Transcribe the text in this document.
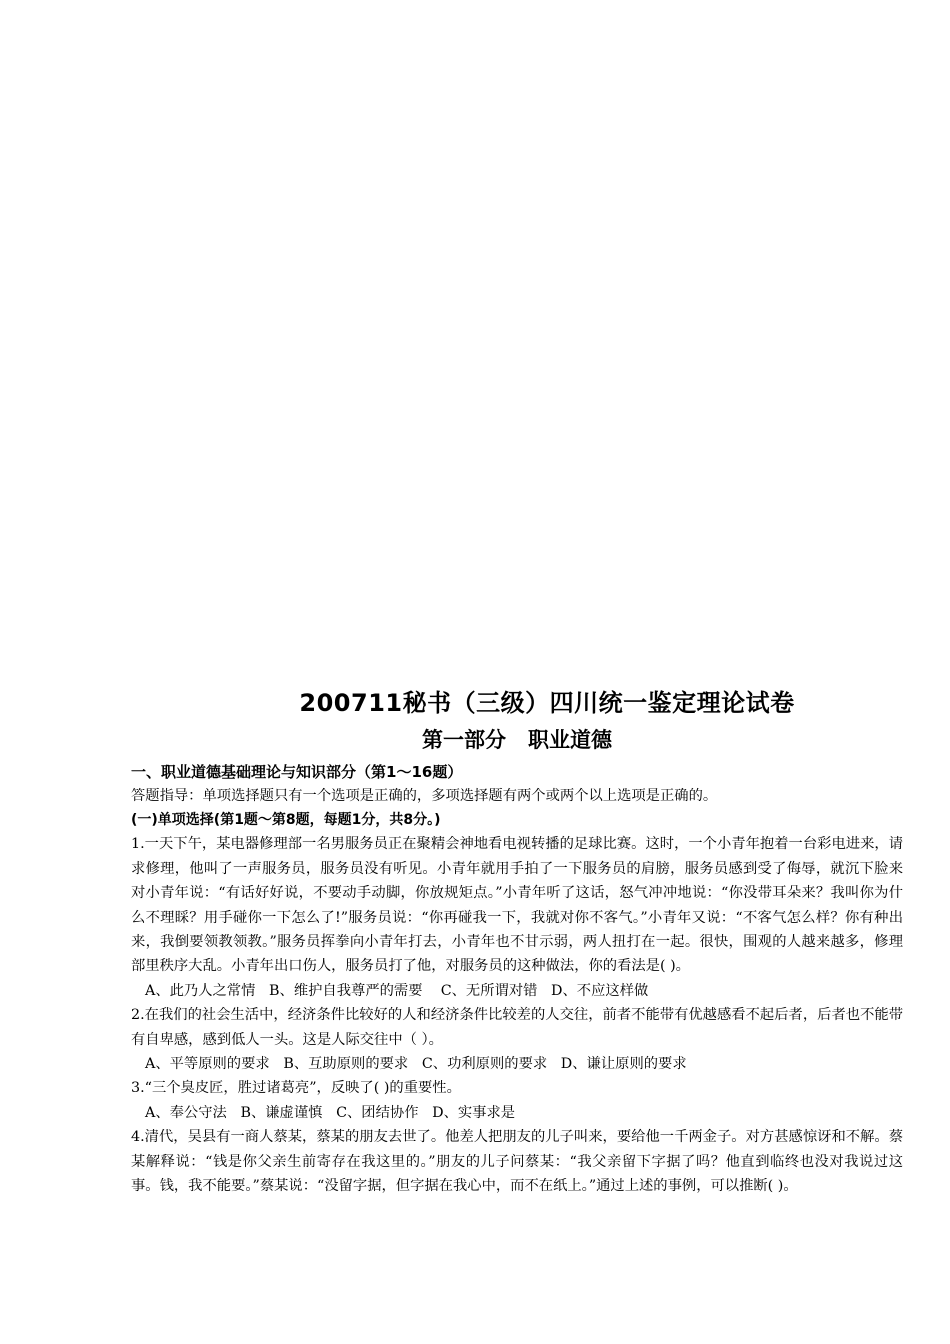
200711秘书（三级）四川统一鉴定理论试卷
第一部分   职业道德
一、职业道德基础理论与知识部分（第1～16题）

答题指导：单项选择题只有一个选项是正确的，多项选择题有两个或两个以上选项是正确的。

(一)单项选择(第1题～第8题，每题1分，共8分。)

1.一天下午，某电器修理部一名男服务员正在聚精会神地看电视转播的足球比赛。这时，一个小青年抱着一台彩电进来，请求修理，他叫了一声服务员，服务员没有听见。小青年就用手拍了一下服务员的肩膀，服务员感到受了侮辱，就沉下脸来对小青年说：“有话好好说，不要动手动脚，你放规矩点。”小青年听了这话，怒气冲冲地说：“你没带耳朵来？我叫你为什么不理睬？用手碰你一下怎么了!”服务员说：“你再碰我一下，我就对你不客气。”小青年又说：“不客气怎么样？你有种出来，我倒要领教领教。”服务员挥拳向小青年打去，小青年也不甘示弱，两人扭打在一起。很快，围观的人越来越多，修理部里秩序大乱。小青年出口伤人，服务员打了他，对服务员的这种做法，你的看法是( )。

A、此乃人之常情   B、维护自我尊严的需要    C、无所谓对错   D、不应这样做

2.在我们的社会生活中，经济条件比较好的人和经济条件比较差的人交往，前者不能带有优越感看不起后者，后者也不能带有自卑感，感到低人一头。这是人际交往中（ ）。

A、平等原则的要求   B、互助原则的要求   C、功利原则的要求   D、谦让原则的要求

3.“三个臭皮匠，胜过诸葛亮”，反映了( )的重要性。

A、奉公守法   B、谦虚谨慎   C、团结协作   D、实事求是

4.清代，吴县有一商人蔡某，蔡某的朋友去世了。他差人把朋友的儿子叫来，要给他一千两金子。对方甚感惊讶和不解。蔡某解释说：“钱是你父亲生前寄存在我这里的。”朋友的儿子问蔡某：“我父亲留下字据了吗？他直到临终也没对我说过这事。钱，我不能要。”蔡某说：“没留字据，但字据在我心中，而不在纸上。”通过上述的事例，可以推断( )。
